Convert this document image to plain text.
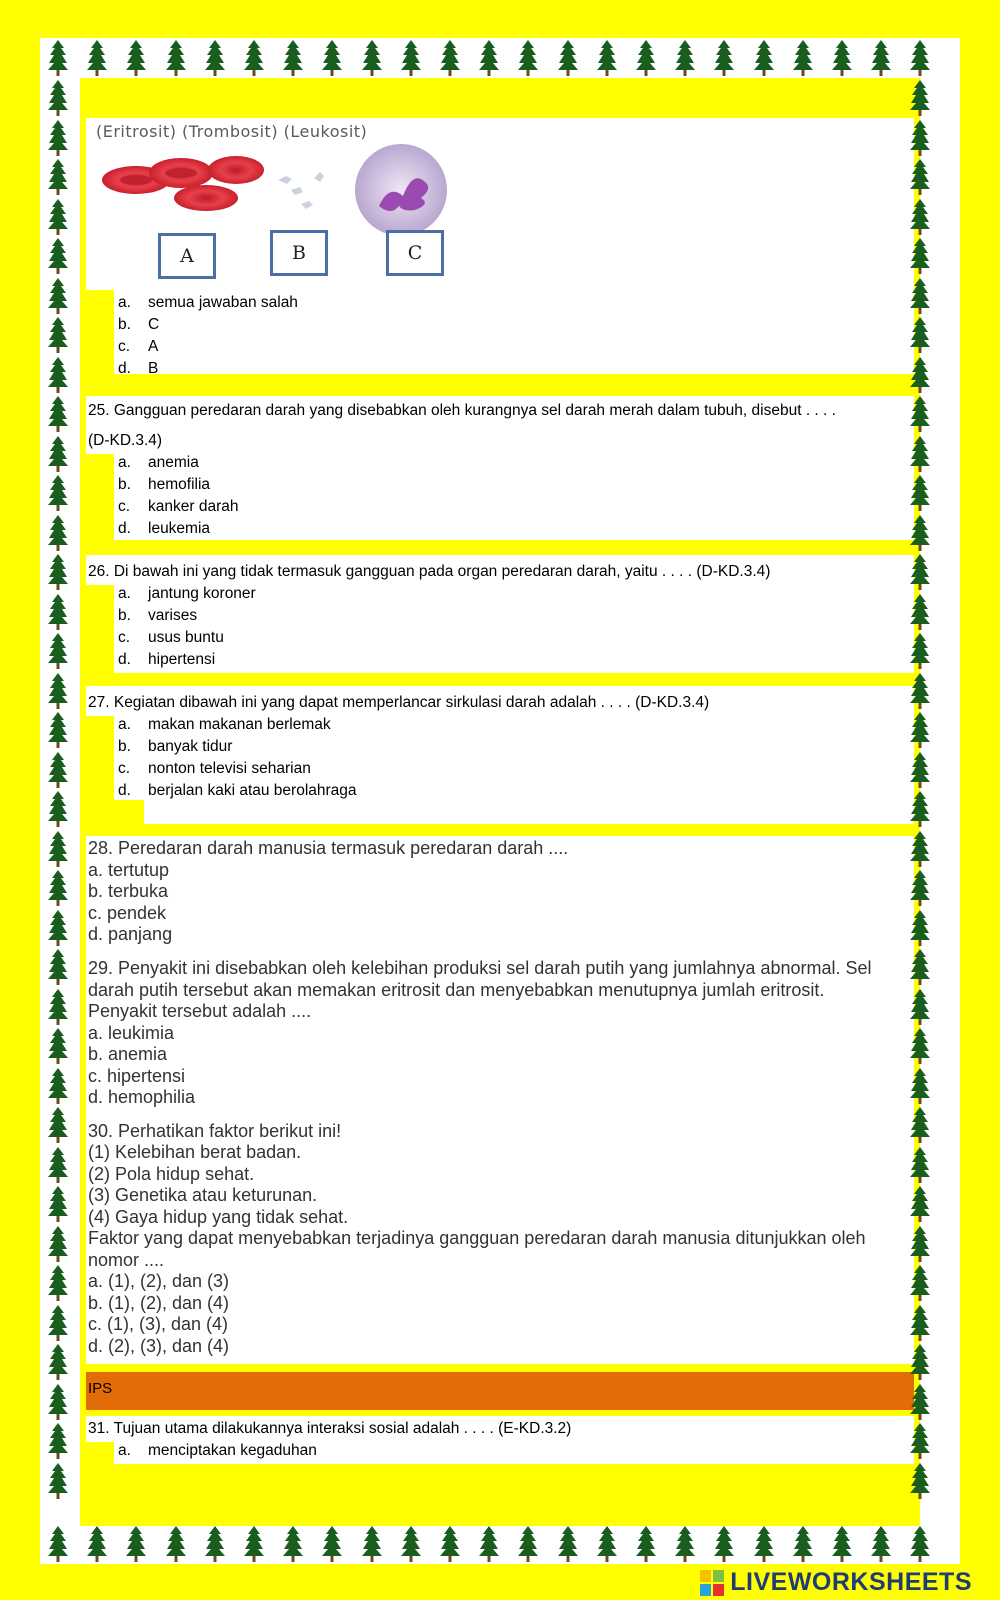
(Eritrosit) (Trombosit) (Leukosit)
A	B	C
a. semua jawaban salah
b. C
c. A
d. B
25. Gangguan peredaran darah yang disebabkan oleh kurangnya sel darah merah dalam tubuh, disebut . . . .
(D-KD.3.4)
a. anemia
b. hemofilia
c. kanker darah
d. leukemia
26. Di bawah ini yang tidak termasuk gangguan pada organ peredaran darah, yaitu . . . . (D-KD.3.4)
a. jantung koroner
b. varises
c. usus buntu
d. hipertensi
27. Kegiatan dibawah ini yang dapat memperlancar sirkulasi darah adalah . . . . (D-KD.3.4)
a. makan makanan berlemak
b. banyak tidur
c. nonton televisi seharian
d. berjalan kaki atau berolahraga
28. Peredaran darah manusia termasuk peredaran darah ....
a. tertutup
b. terbuka
c. pendek
d. panjang
29. Penyakit ini disebabkan oleh kelebihan produksi sel darah putih yang jumlahnya abnormal. Sel
darah putih tersebut akan memakan eritrosit dan menyebabkan menutupnya jumlah eritrosit.
Penyakit tersebut adalah ....
a. leukimia
b. anemia
c. hipertensi
d. hemophilia
30. Perhatikan faktor berikut ini!
(1) Kelebihan berat badan.
(2) Pola hidup sehat.
(3) Genetika atau keturunan.
(4) Gaya hidup yang tidak sehat.
Faktor yang dapat menyebabkan terjadinya gangguan peredaran darah manusia ditunjukkan oleh
nomor ....
a. (1), (2), dan (3)
b. (1), (2), dan (4)
c. (1), (3), dan (4)
d. (2), (3), dan (4)
IPS
31. Tujuan utama dilakukannya interaksi sosial adalah . . . . (E-KD.3.2)
a. menciptakan kegaduhan
LIVEWORKSHEETS
